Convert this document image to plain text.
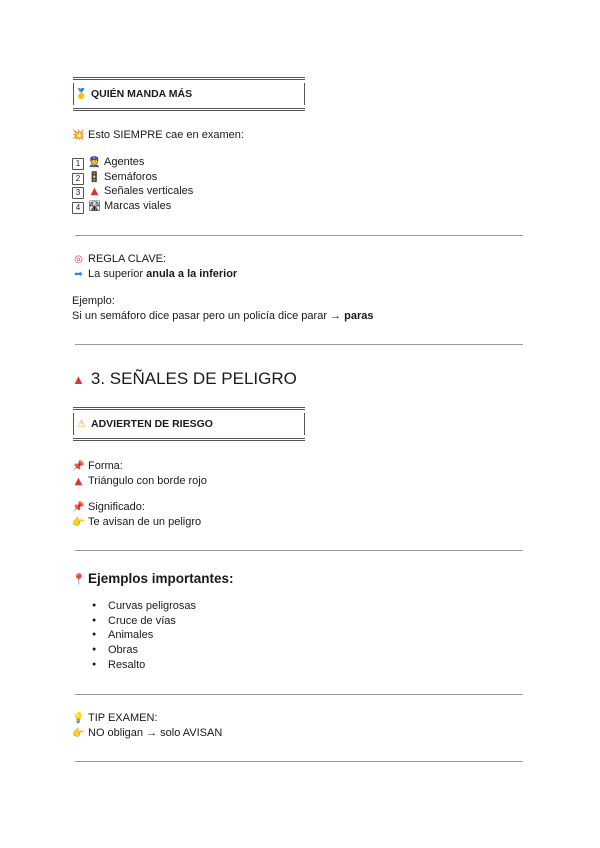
🥇 QUIÉN MANDA MÁS
💥 Esto SIEMPRE cae en examen:
1 👮 Agentes
2 🚦 Semáforos
3 ▲ Señales verticales
4 🛣 Marcas viales
◎ REGLA CLAVE:
➡ La superior anula a la inferior
Ejemplo:
Si un semáforo dice pasar pero un policía dice parar → paras
▲ 3. SEÑALES DE PELIGRO
⚠ ADVIERTEN DE RIESGO
📌 Forma:
▲ Triángulo con borde rojo
📌 Significado:
👉 Te avisan de un peligro
📍 Ejemplos importantes:
● Curvas peligrosas
● Cruce de vías
● Animales
● Obras
● Resalto
💡 TIP EXAMEN:
👉 NO obligan → solo AVISAN
